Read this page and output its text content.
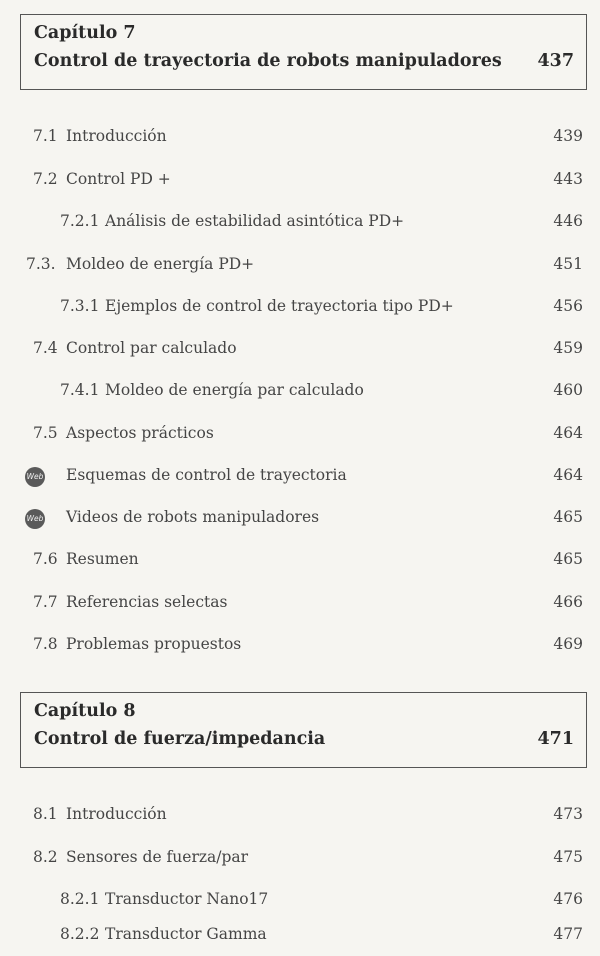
Capítulo 7
Control de trayectoria de robots manipuladores 437
7.1 Introducción	439
7.2 Control PD +	443
7.2.1 Análisis de estabilidad asintótica PD+	446
7.3. Moldeo de energía PD+	451
7.3.1 Ejemplos de control de trayectoria tipo PD+	456
7.4 Control par calculado	459
7.4.1 Moldeo de energía par calculado	460
7.5 Aspectos prácticos	464
Web Esquemas de control de trayectoria	464
Web Videos de robots manipuladores	465
7.6 Resumen	465
7.7 Referencias selectas	466
7.8 Problemas propuestos	469
Capítulo 8
Control de fuerza/impedancia	471
8.1 Introducción	473
8.2 Sensores de fuerza/par	475
8.2.1 Transductor Nano17	476
8.2.2 Transductor Gamma	477
